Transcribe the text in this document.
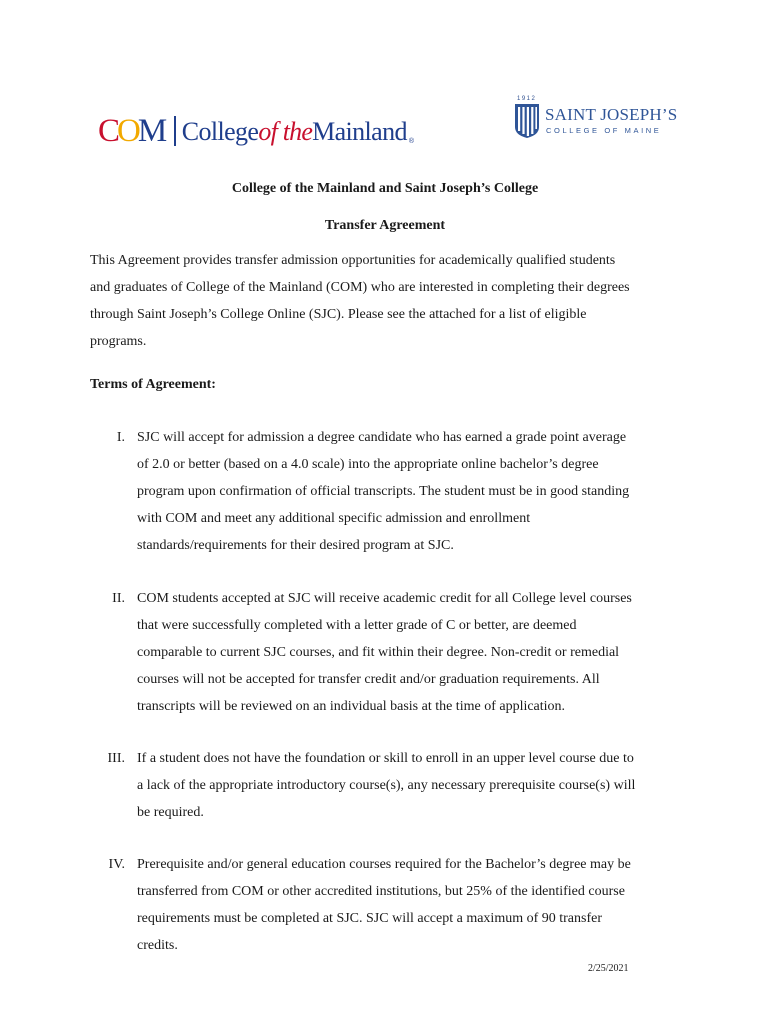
COM Collegeof theMainland ®
1912
SAINT JOSEPH’S
COLLEGE OF MAINE

College of the Mainland and Saint Joseph’s College

Transfer Agreement

This Agreement provides transfer admission opportunities for academically qualified students
and graduates of College of the Mainland (COM) who are interested in completing their degrees
through Saint Joseph’s College Online (SJC). Please see the attached for a list of eligible
programs.

Terms of Agreement:

I. SJC will accept for admission a degree candidate who has earned a grade point average
of 2.0 or better (based on a 4.0 scale) into the appropriate online bachelor’s degree
program upon confirmation of official transcripts. The student must be in good standing
with COM and meet any additional specific admission and enrollment
standards/requirements for their desired program at SJC.
II. COM students accepted at SJC will receive academic credit for all College level courses
that were successfully completed with a letter grade of C or better, are deemed
comparable to current SJC courses, and fit within their degree. Non-credit or remedial
courses will not be accepted for transfer credit and/or graduation requirements. All
transcripts will be reviewed on an individual basis at the time of application.
III. If a student does not have the foundation or skill to enroll in an upper level course due to
a lack of the appropriate introductory course(s), any necessary prerequisite course(s) will
be required.
IV. Prerequisite and/or general education courses required for the Bachelor’s degree may be
transferred from COM or other accredited institutions, but 25% of the identified course
requirements must be completed at SJC. SJC will accept a maximum of 90 transfer
credits.
2/25/2021
